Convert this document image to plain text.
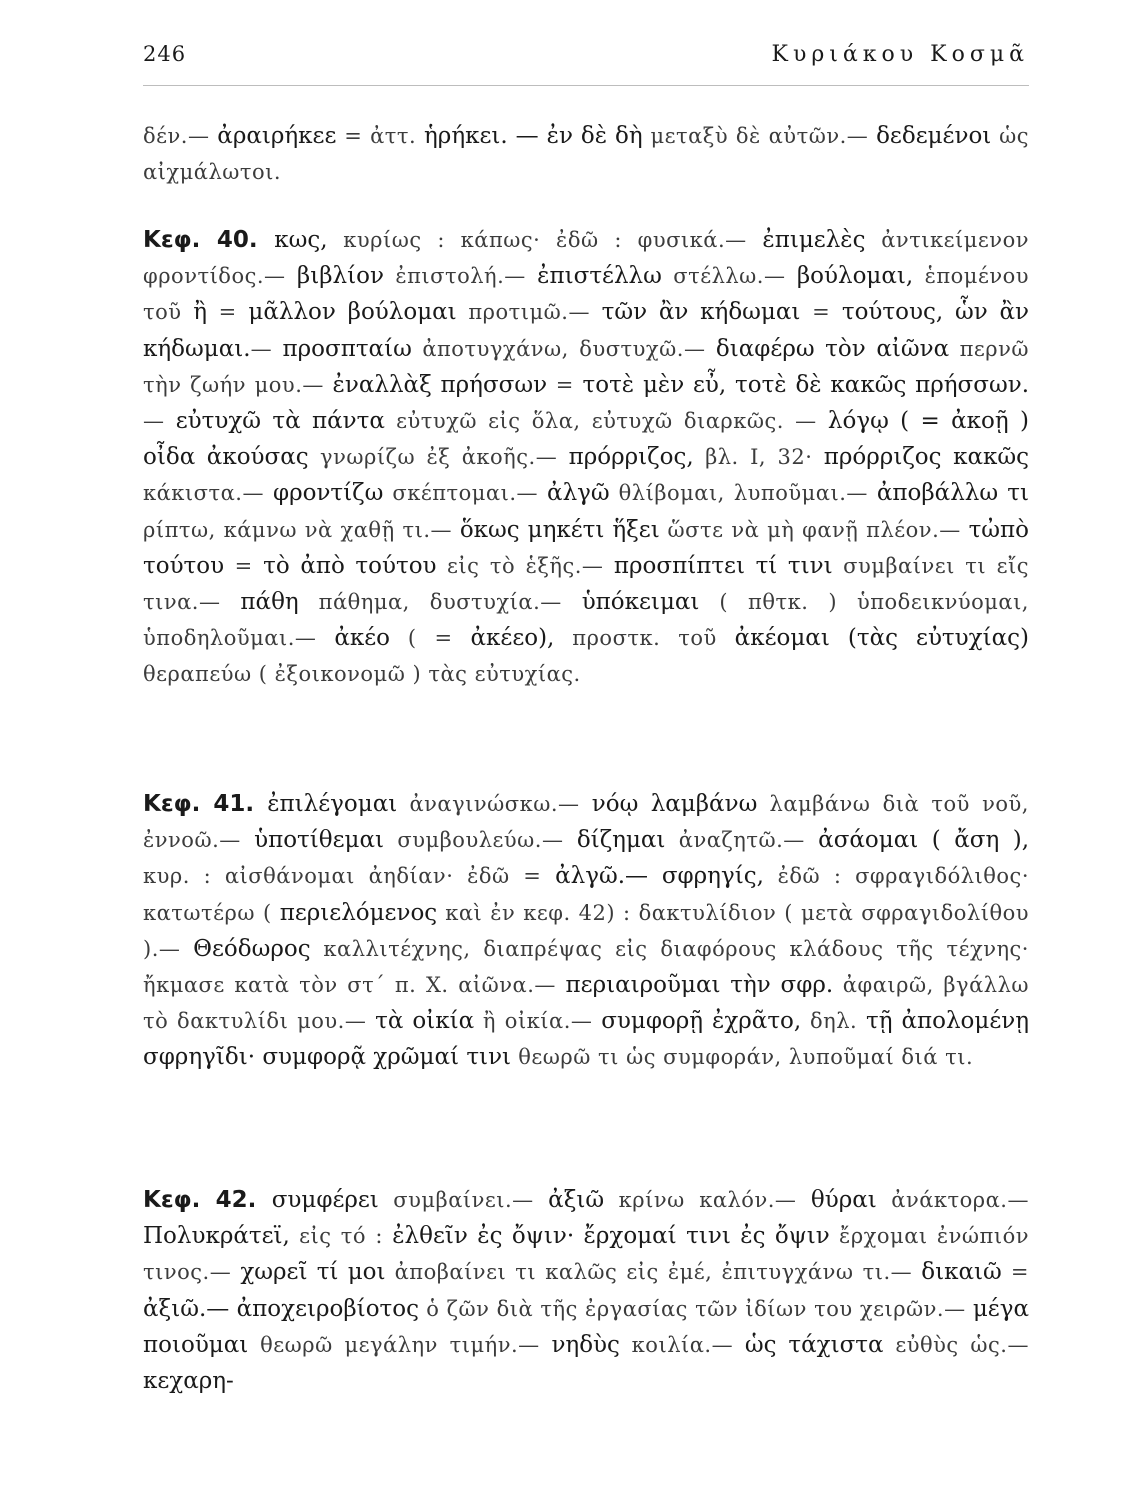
246	Κυριάκου Κοσμᾶ

δέν.— ἀραιρήκεε = ἀττ. ἡρήκει. — ἐν δὲ δὴ μεταξὺ δὲ αὐτῶν.— δεδεμένοι ὡς αἰχμάλωτοι.

Κεφ. 40. κως, κυρίως : κάπως· ἐδῶ : φυσικά.— ἐπιμελὲς ἀντικείμενον φροντίδος.— βιβλίον ἐπιστολή.— ἐπιστέλλω στέλλω.— βούλομαι, ἑπομένου τοῦ ἢ = μᾶλλον βούλομαι προτιμῶ.— τῶν ἂν κήδωμαι = τούτους, ὧν ἂν κήδωμαι.— προσπταίω ἀποτυγχάνω, δυστυχῶ.— διαφέρω τὸν αἰῶνα περνῶ τὴν ζωήν μου.— ἐναλλὰξ πρήσσων = τοτὲ μὲν εὖ, τοτὲ δὲ κακῶς πρήσσων.— εὐτυχῶ τὰ πάντα εὐτυχῶ εἰς ὅλα, εὐτυχῶ διαρκῶς. — λόγῳ ( = ἀκοῇ ) οἶδα ἀκούσας γνωρίζω ἐξ ἀκοῆς.— πρόρριζος, βλ. Ι, 32· πρόρριζος κακῶς κάκιστα.— φροντίζω σκέπτομαι.— ἀλγῶ θλίβομαι, λυποῦμαι.— ἀποβάλλω τι ρίπτω, κάμνω νὰ χαθῇ τι.— ὅκως μηκέτι ἥξει ὥστε νὰ μὴ φανῇ πλέον.— τὠπὸ τούτου = τὸ ἀπὸ τούτου εἰς τὸ ἑξῆς.— προσπίπτει τί τινι συμβαίνει τι εἴς τινα.— πάθη πάθημα, δυστυχία.— ὑπόκειμαι ( πθτκ. ) ὑποδεικνύομαι, ὑποδηλοῦμαι.— ἀκέο ( = ἀκέεο), προστκ. τοῦ ἀκέομαι (τὰς εὐτυχίας) θεραπεύω ( ἐξοικονομῶ ) τὰς εὐτυχίας.

Κεφ. 41. ἐπιλέγομαι ἀναγινώσκω.— νόῳ λαμβάνω λαμβάνω διὰ τοῦ νοῦ, ἐννοῶ.— ὑποτίθεμαι συμβουλεύω.— δίζημαι ἀναζητῶ.— ἀσάομαι ( ἄση ), κυρ. : αἰσθάνομαι ἀηδίαν· ἐδῶ = ἀλγῶ.— σφρηγίς, ἐδῶ : σφραγιδόλιθος· κατωτέρω ( περιελόμενος καὶ ἐν κεφ. 42) : δακτυλίδιον ( μετὰ σφραγιδολίθου ).— Θεόδωρος καλλιτέχνης, διαπρέψας εἰς διαφόρους κλάδους τῆς τέχνης· ἤκμασε κατὰ τὸν στ΄ π. Χ. αἰῶνα.— περιαιροῦμαι τὴν σφρ. ἀφαιρῶ, βγάλλω τὸ δακτυλίδι μου.— τὰ οἰκία ἢ οἰκία.— συμφορῇ ἐχρᾶτο, δηλ. τῇ ἀπολομένῃ σφρηγῖδι· συμφορᾷ χρῶμαί τινι θεωρῶ τι ὡς συμφοράν, λυποῦμαί διά τι.

Κεφ. 42. συμφέρει συμβαίνει.— ἀξιῶ κρίνω καλόν.— θύραι ἀνάκτορα.— Πολυκράτεϊ, εἰς τό : ἐλθεῖν ἐς ὄψιν· ἔρχομαί τινι ἐς ὄψιν ἔρχομαι ἐνώπιόν τινος.— χωρεῖ τί μοι ἀποβαίνει τι καλῶς εἰς ἐμέ, ἐπιτυγχάνω τι.— δικαιῶ = ἀξιῶ.— ἀποχειροβίοτος ὁ ζῶν διὰ τῆς ἐργασίας τῶν ἰδίων του χειρῶν.— μέγα ποιοῦμαι θεωρῶ μεγάλην τιμήν.— νηδὺς κοιλία.— ὡς τάχιστα εὐθὺς ὡς.— κεχαρη-
